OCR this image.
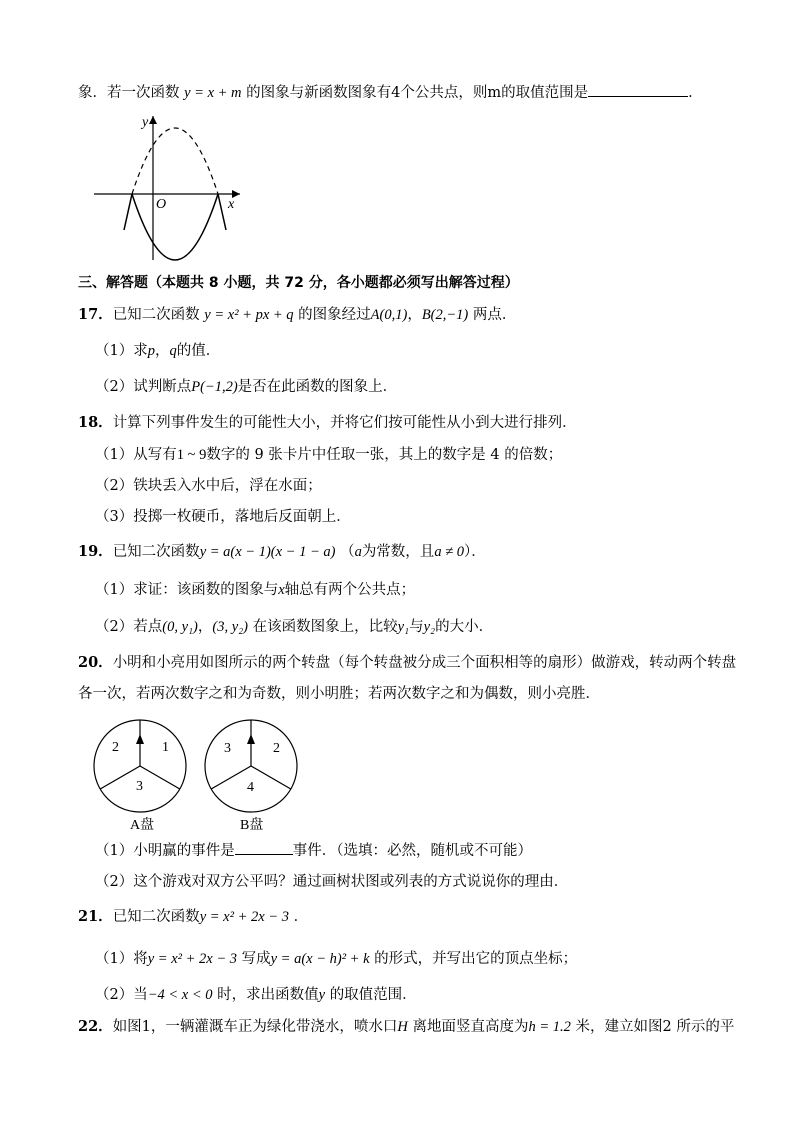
象．若一次函数 y = x + m 的图象与新函数图象有4个公共点，则m的取值范围是	．
y
x
O
三、解答题（本题共 8 小题，共 72 分，各小题都必须写出解答过程）
17．已知二次函数 y = x² + px + q 的图象经过A(0,1)，B(2,−1) 两点．
（1）求p，q的值．
（2）试判断点P(−1,2)是否在此函数的图象上．
18．计算下列事件发生的可能性大小，并将它们按可能性从小到大进行排列．
（1）从写有1 ~ 9数字的 9 张卡片中任取一张，其上的数字是 4 的倍数；
（2）铁块丢入水中后，浮在水面；
（3）投掷一枚硬币，落地后反面朝上．
19．已知二次函数y = a(x − 1)(x − 1 − a) （a为常数，且a ≠ 0）．
（1）求证：该函数的图象与x轴总有两个公共点；
（2）若点(0, y₁)，(3, y₂) 在该函数图象上，比较y₁与y₂的大小．
20．小明和小亮用如图所示的两个转盘（每个转盘被分成三个面积相等的扇形）做游戏，转动两个转盘
各一次，若两次数字之和为奇数，则小明胜；若两次数字之和为偶数，则小亮胜．
2	1
3
3	2
4
A盘	B盘
（1）小明赢的事件是	事件．（选填：必然，随机或不可能）
（2）这个游戏对双方公平吗？通过画树状图或列表的方式说说你的理由．
21．已知二次函数y = x² + 2x − 3 ．
（1）将y = x² + 2x − 3 写成y = a(x − h)² + k 的形式，并写出它的顶点坐标；
（2）当−4 < x < 0 时，求出函数值y 的取值范围．
22．如图1，一辆灌溉车正为绿化带浇水，喷水口H 离地面竖直高度为h = 1.2 米，建立如图2 所示的平
